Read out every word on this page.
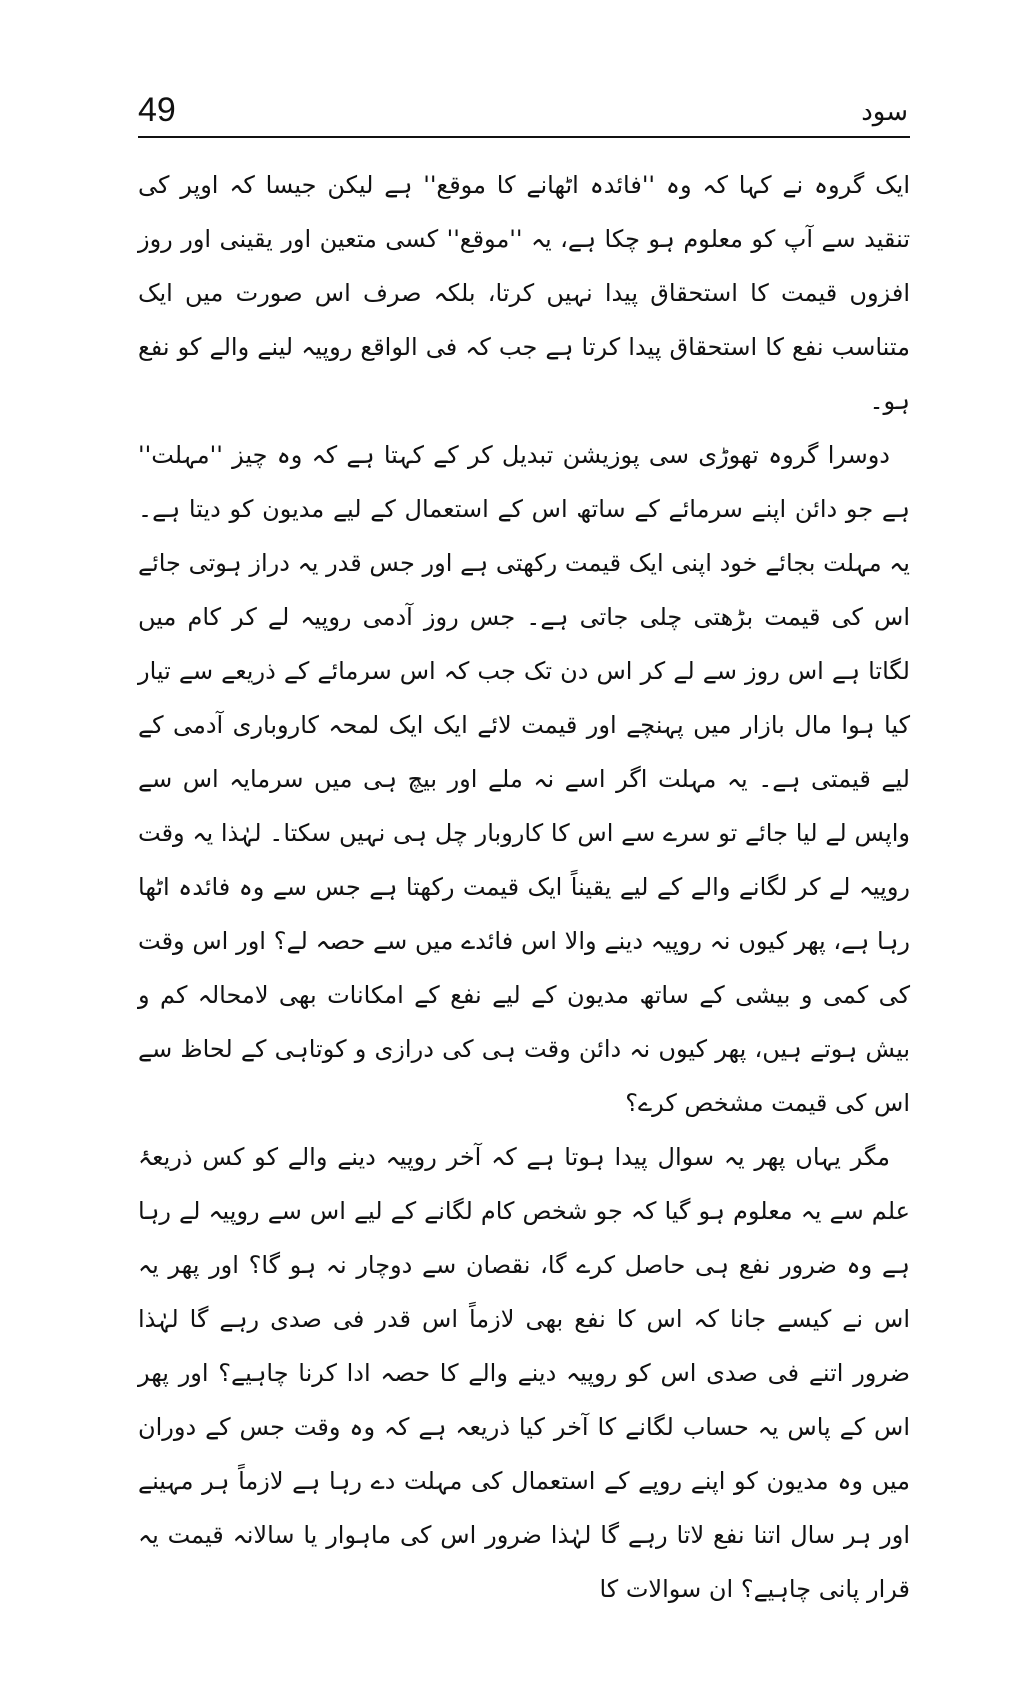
49	سود

ایک گروہ نے کہا کہ وہ ''فائدہ اٹھانے کا موقع'' ہے لیکن جیسا کہ اوپر کی تنقید سے آپ کو معلوم ہو چکا ہے، یہ ''موقع'' کسی متعین اور یقینی اور روز افزوں قیمت کا استحقاق پیدا نہیں کرتا، بلکہ صرف اس صورت میں ایک متناسب نفع کا استحقاق پیدا کرتا ہے جب کہ فی الواقع روپیہ لینے والے کو نفع ہو۔

دوسرا گروہ تھوڑی سی پوزیشن تبدیل کر کے کہتا ہے کہ وہ چیز ''مہلت'' ہے جو دائن اپنے سرمائے کے ساتھ اس کے استعمال کے لیے مدیون کو دیتا ہے۔ یہ مہلت بجائے خود اپنی ایک قیمت رکھتی ہے اور جس قدر یہ دراز ہوتی جائے اس کی قیمت بڑھتی چلی جاتی ہے۔ جس روز آدمی روپیہ لے کر کام میں لگاتا ہے اس روز سے لے کر اس دن تک جب کہ اس سرمائے کے ذریعے سے تیار کیا ہوا مال بازار میں پہنچے اور قیمت لائے ایک ایک لمحہ کاروباری آدمی کے لیے قیمتی ہے۔ یہ مہلت اگر اسے نہ ملے اور بیچ ہی میں سرمایہ اس سے واپس لے لیا جائے تو سرے سے اس کا کاروبار چل ہی نہیں سکتا۔ لہٰذا یہ وقت روپیہ لے کر لگانے والے کے لیے یقیناً ایک قیمت رکھتا ہے جس سے وہ فائدہ اٹھا رہا ہے، پھر کیوں نہ روپیہ دینے والا اس فائدے میں سے حصہ لے؟ اور اس وقت کی کمی و بیشی کے ساتھ مدیون کے لیے نفع کے امکانات بھی لامحالہ کم و بیش ہوتے ہیں، پھر کیوں نہ دائن وقت ہی کی درازی و کوتاہی کے لحاظ سے اس کی قیمت مشخص کرے؟

مگر یہاں پھر یہ سوال پیدا ہوتا ہے کہ آخر روپیہ دینے والے کو کس ذریعۂ علم سے یہ معلوم ہو گیا کہ جو شخص کام لگانے کے لیے اس سے روپیہ لے رہا ہے وہ ضرور نفع ہی حاصل کرے گا، نقصان سے دوچار نہ ہو گا؟ اور پھر یہ اس نے کیسے جانا کہ اس کا نفع بھی لازماً اس قدر فی صدی رہے گا لہٰذا ضرور اتنے فی صدی اس کو روپیہ دینے والے کا حصہ ادا کرنا چاہیے؟ اور پھر اس کے پاس یہ حساب لگانے کا آخر کیا ذریعہ ہے کہ وہ وقت جس کے دوران میں وہ مدیون کو اپنے روپے کے استعمال کی مہلت دے رہا ہے لازماً ہر مہینے اور ہر سال اتنا نفع لاتا رہے گا لہٰذا ضرور اس کی ماہوار یا سالانہ قیمت یہ قرار پانی چاہیے؟ ان سوالات کا
